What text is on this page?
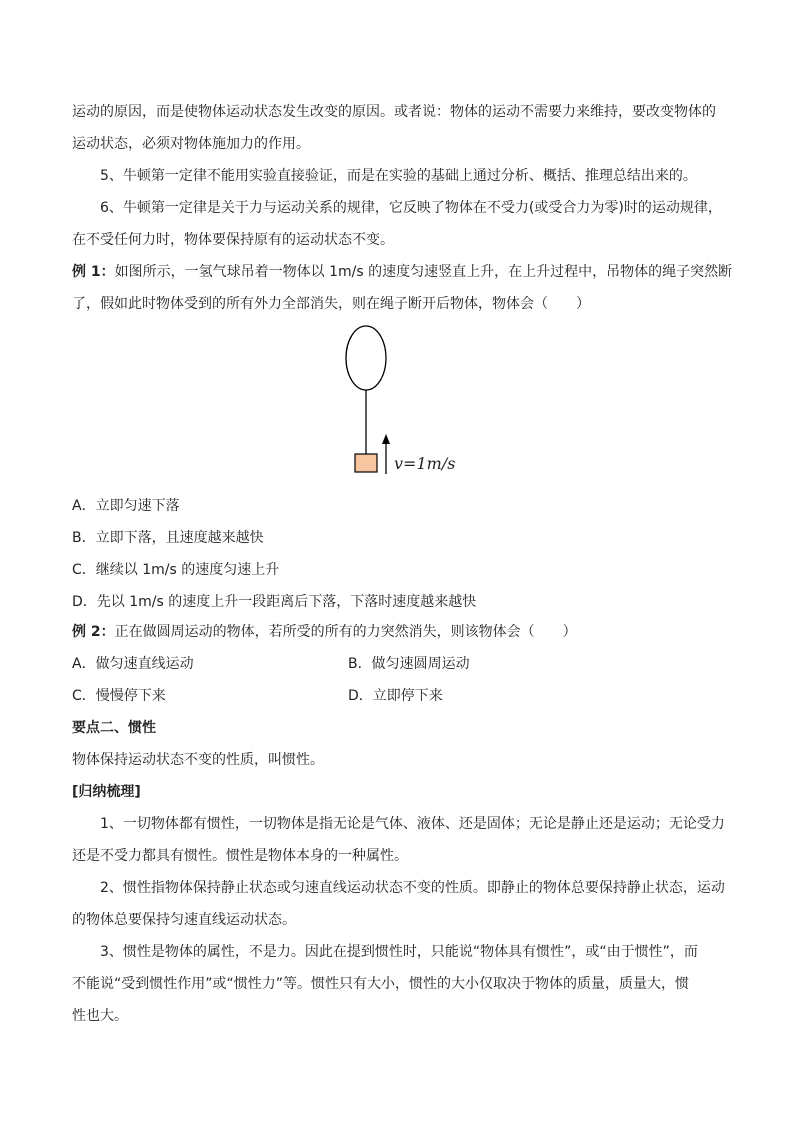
运动的原因，而是使物体运动状态发生改变的原因。或者说：物体的运动不需要力来维持，要改变物体的
运动状态，必须对物体施加力的作用。
5、牛顿第一定律不能用实验直接验证，而是在实验的基础上通过分析、概括、推理总结出来的。
6、牛顿第一定律是关于力与运动关系的规律，它反映了物体在不受力(或受合力为零)时的运动规律，
在不受任何力时，物体要保持原有的运动状态不变。
例 1：如图所示，一氢气球吊着一物体以 1m/s 的速度匀速竖直上升，在上升过程中，吊物体的绳子突然断
了，假如此时物体受到的所有外力全部消失，则在绳子断开后物体，物体会（　　）
v=1m/s
A．立即匀速下落
B．立即下落，且速度越来越快
C．继续以 1m/s 的速度匀速上升
D．先以 1m/s 的速度上升一段距离后下落，下落时速度越来越快
例 2：正在做圆周运动的物体，若所受的所有的力突然消失，则该物体会（　　）
A．做匀速直线运动	B．做匀速圆周运动
C．慢慢停下来	D．立即停下来
要点二、惯性
物体保持运动状态不变的性质，叫惯性。
[归纳梳理]
1、一切物体都有惯性，一切物体是指无论是气体、液体、还是固体；无论是静止还是运动；无论受力
还是不受力都具有惯性。惯性是物体本身的一种属性。
2、惯性指物体保持静止状态或匀速直线运动状态不变的性质。即静止的物体总要保持静止状态，运动
的物体总要保持匀速直线运动状态。
3、惯性是物体的属性，不是力。因此在提到惯性时，只能说“物体具有惯性”，或“由于惯性”，而
不能说“受到惯性作用”或“惯性力”等。惯性只有大小，惯性的大小仅取决于物体的质量，质量大，惯
性也大。
